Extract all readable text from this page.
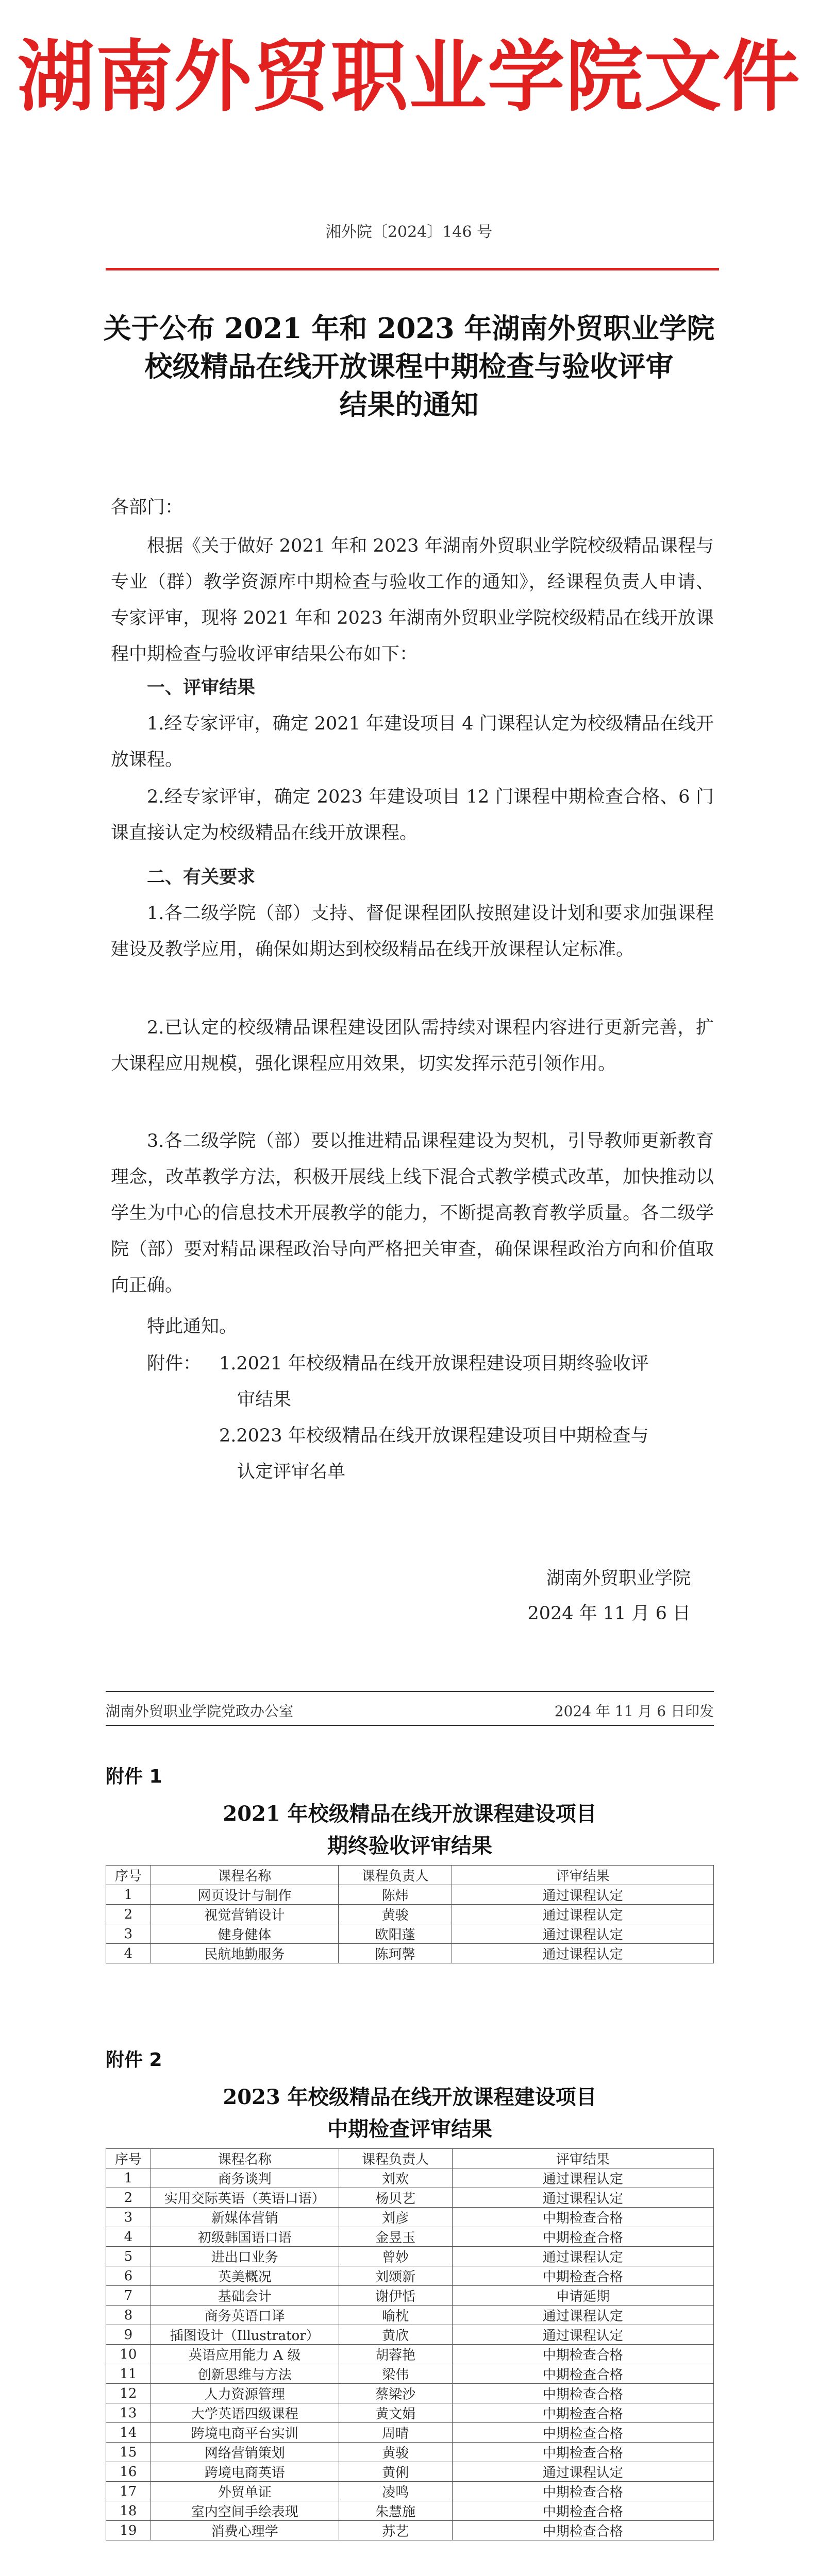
湖南外贸职业学院文件
湘外院〔2024〕146 号
关于公布 2021 年和 2023 年湖南外贸职业学院
校级精品在线开放课程中期检查与验收评审
结果的通知
各部门：
根据《关于做好 2021 年和 2023 年湖南外贸职业学院校级精品课程与专业（群）教学资源库中期检查与验收工作的通知》，经课程负责人申请、专家评审，现将 2021 年和 2023 年湖南外贸职业学院校级精品在线开放课程中期检查与验收评审结果公布如下：
一、评审结果
1.经专家评审，确定 2021 年建设项目 4 门课程认定为校级精品在线开放课程。
2.经专家评审，确定 2023 年建设项目 12 门课程中期检查合格、6 门课直接认定为校级精品在线开放课程。
二、有关要求
1.各二级学院（部）支持、督促课程团队按照建设计划和要求加强课程建设及教学应用，确保如期达到校级精品在线开放课程认定标准。
2.已认定的校级精品课程建设团队需持续对课程内容进行更新完善，扩大课程应用规模，强化课程应用效果，切实发挥示范引领作用。
3.各二级学院（部）要以推进精品课程建设为契机，引导教师更新教育理念，改革教学方法，积极开展线上线下混合式教学模式改革，加快推动以学生为中心的信息技术开展教学的能力，不断提高教育教学质量。各二级学院（部）要对精品课程政治导向严格把关审查，确保课程政治方向和价值取向正确。
特此通知。
附件： 1.2021 年校级精品在线开放课程建设项目期终验收评
审结果
2.2023 年校级精品在线开放课程建设项目中期检查与
认定评审名单
湖南外贸职业学院
2024 年 11 月 6 日
湖南外贸职业学院党政办公室	2024 年 11 月 6 日印发
附件 1
2021 年校级精品在线开放课程建设项目
期终验收评审结果
序号	课程名称	课程负责人	评审结果
1	网页设计与制作	陈炜	通过课程认定
2	视觉营销设计	黄骏	通过课程认定
3	健身健体	欧阳蓬	通过课程认定
4	民航地勤服务	陈珂馨	通过课程认定
附件 2
2023 年校级精品在线开放课程建设项目
中期检查评审结果
序号	课程名称	课程负责人	评审结果
1	商务谈判	刘欢	通过课程认定
2	实用交际英语（英语口语）	杨贝艺	通过课程认定
3	新媒体营销	刘彦	中期检查合格
4	初级韩国语口语	金昱玉	中期检查合格
5	进出口业务	曾妙	通过课程认定
6	英美概况	刘颂新	中期检查合格
7	基础会计	谢伊恬	申请延期
8	商务英语口译	喻枕	通过课程认定
9	插图设计（Illustrator）	黄欣	通过课程认定
10	英语应用能力 A 级	胡蓉艳	中期检查合格
11	创新思维与方法	梁伟	中期检查合格
12	人力资源管理	蔡梁沙	中期检查合格
13	大学英语四级课程	黄文娟	中期检查合格
14	跨境电商平台实训	周晴	中期检查合格
15	网络营销策划	黄骏	中期检查合格
16	跨境电商英语	黄俐	通过课程认定
17	外贸单证	凌鸣	中期检查合格
18	室内空间手绘表现	朱慧施	中期检查合格
19	消费心理学	苏艺	中期检查合格
